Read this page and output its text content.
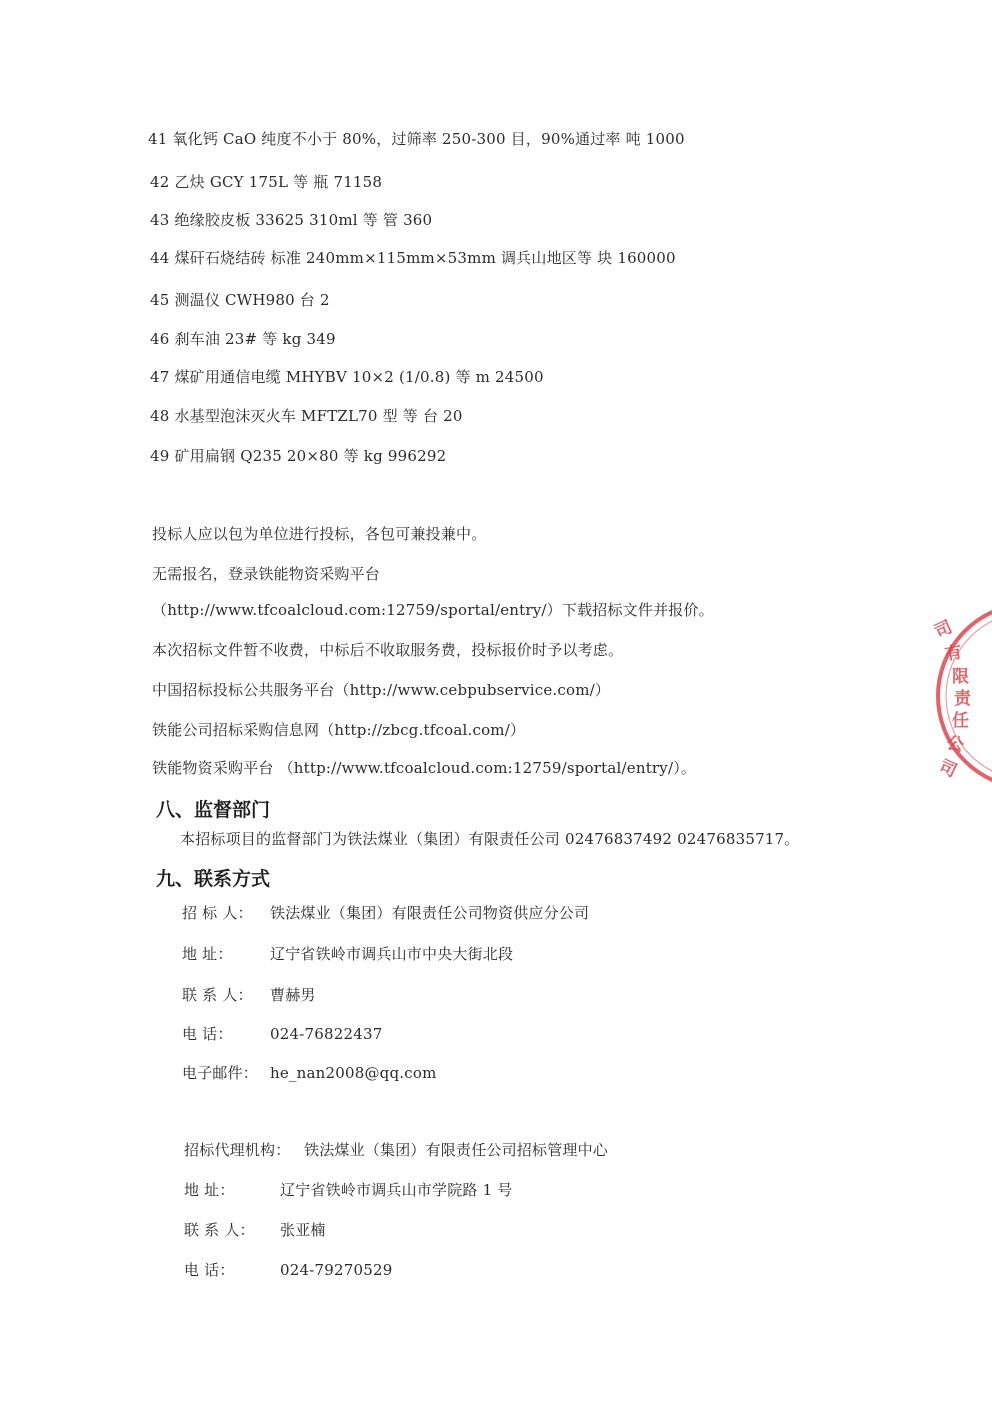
41 氧化钙 CaO 纯度不小于 80%，过筛率 250-300 目，90%通过率 吨 1000
42 乙炔 GCY 175L 等 瓶 71158
43 绝缘胶皮板 33625 310ml 等 管 360
44 煤矸石烧结砖 标准 240mm×115mm×53mm 调兵山地区等 块 160000
45 测温仪 CWH980 台 2
46 刹车油 23# 等 kg 349
47 煤矿用通信电缆 MHYBV 10×2 (1/0.8) 等 m 24500
48 水基型泡沫灭火车 MFTZL70 型 等 台 20
49 矿用扁钢 Q235 20×80 等 kg 996292
投标人应以包为单位进行投标，各包可兼投兼中。
无需报名，登录铁能物资采购平台
（http://www.tfcoalcloud.com:12759/sportal/entry/）下载招标文件并报价。
本次招标文件暂不收费，中标后不收取服务费，投标报价时予以考虑。
中国招标投标公共服务平台（http://www.cebpubservice.com/）
铁能公司招标采购信息网（http://zbcg.tfcoal.com/）
铁能物资采购平台 （http://www.tfcoalcloud.com:12759/sportal/entry/）。
八、监督部门
本招标项目的监督部门为铁法煤业（集团）有限责任公司 02476837492 02476835717。
九、联系方式
招 标 人： 铁法煤业（集团）有限责任公司物资供应分公司
地 址： 辽宁省铁岭市调兵山市中央大街北段
联 系 人： 曹赫男
电 话： 024-76822437
电子邮件： he_nan2008@qq.com
招标代理机构： 铁法煤业（集团）有限责任公司招标管理中心
地 址：	辽宁省铁岭市调兵山市学院路 1 号
联 系 人： 张亚楠
电 话：	024-79270529
司
有
限
责
任
公
司
